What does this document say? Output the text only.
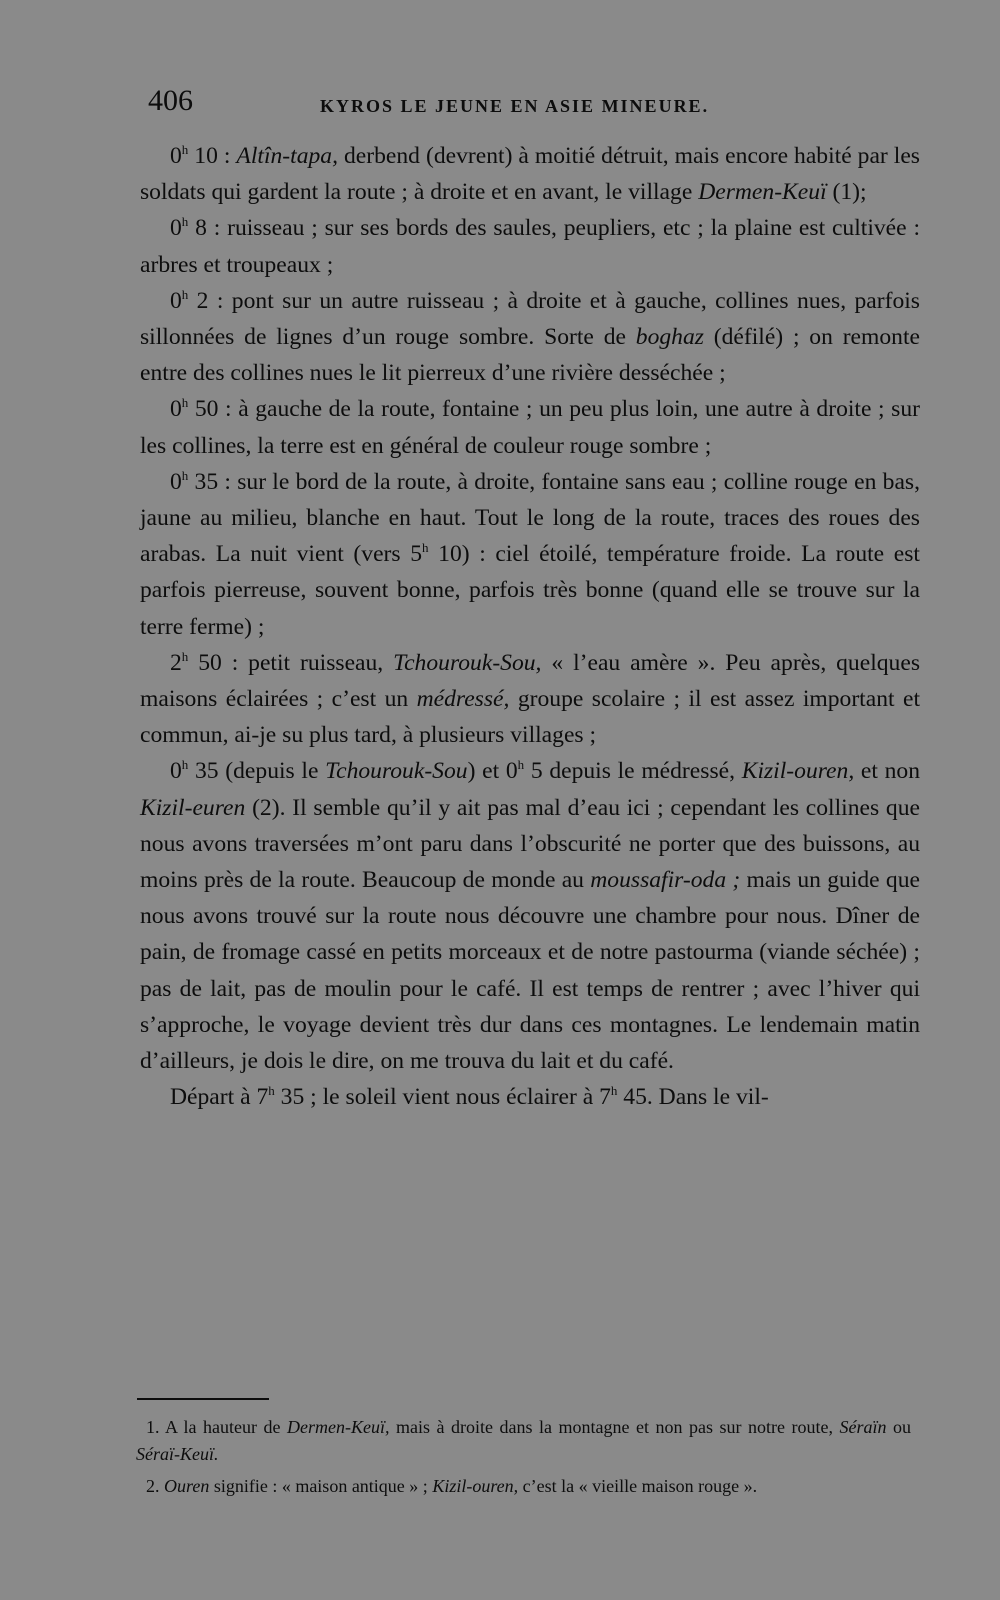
406	KYROS LE JEUNE EN ASIE MINEURE.

0$^h$ 10 : Altîn-tapa, derbend (devrent) à moitié détruit, mais encore habité par les soldats qui gardent la route ; à droite et en avant, le village Dermen-Keuï (1);

0$^h$ 8 : ruisseau ; sur ses bords des saules, peupliers, etc ; la plaine est cultivée : arbres et troupeaux ;

0$^h$ 2 : pont sur un autre ruisseau ; à droite et à gauche, collines nues, parfois sillonnées de lignes d’un rouge sombre. Sorte de boghaz (défilé) ; on remonte entre des collines nues le lit pierreux d’une rivière desséchée ;

0$^h$ 50 : à gauche de la route, fontaine ; un peu plus loin, une autre à droite ; sur les collines, la terre est en général de couleur rouge sombre ;

0$^h$ 35 : sur le bord de la route, à droite, fontaine sans eau ; colline rouge en bas, jaune au milieu, blanche en haut. Tout le long de la route, traces des roues des arabas. La nuit vient (vers 5$^h$ 10) : ciel étoilé, température froide. La route est parfois pierreuse, souvent bonne, parfois très bonne (quand elle se trouve sur la terre ferme) ;

2$^h$ 50 : petit ruisseau, Tchourouk-Sou, « l’eau amère ». Peu après, quelques maisons éclairées ; c’est un médressé, groupe scolaire ; il est assez important et commun, ai-je su plus tard, à plusieurs villages ;

0$^h$ 35 (depuis le Tchourouk-Sou) et 0$^h$ 5 depuis le médressé, Kizil-ouren, et non Kizil-euren (2). Il semble qu’il y ait pas mal d’eau ici ; cependant les collines que nous avons traversées m’ont paru dans l’obscurité ne porter que des buissons, au moins près de la route. Beaucoup de monde au moussafir-oda ; mais un guide que nous avons trouvé sur la route nous découvre une chambre pour nous. Dîner de pain, de fromage cassé en petits morceaux et de notre pastourma (viande séchée) ; pas de lait, pas de moulin pour le café. Il est temps de rentrer ; avec l’hiver qui s’approche, le voyage devient très dur dans ces montagnes. Le lendemain matin d’ailleurs, je dois le dire, on me trouva du lait et du café.

Départ à 7$^h$ 35 ; le soleil vient nous éclairer à 7$^h$ 45. Dans le vil-

1. A la hauteur de Dermen-Keuï, mais à droite dans la montagne et non pas sur notre route, Séraïn ou Séraï-Keuï.

2. Ouren signifie : « maison antique » ; Kizil-ouren, c’est la « vieille maison rouge ».
